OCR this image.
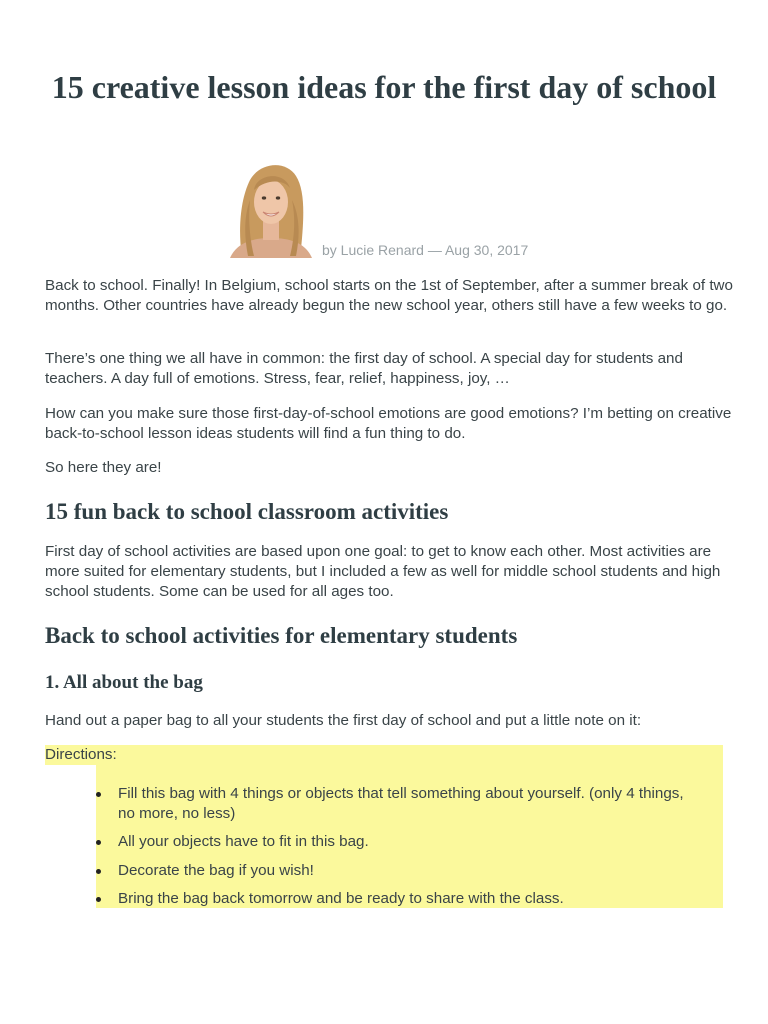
15 creative lesson ideas for the first day of school
by Lucie Renard — Aug 30, 2017

Back to school. Finally! In Belgium, school starts on the 1st of September, after a summer break of two months. Other countries have already begun the new school year, others still have a few weeks to go.

There’s one thing we all have in common: the first day of school. A special day for students and teachers. A day full of emotions. Stress, fear, relief, happiness, joy, …

How can you make sure those first-day-of-school emotions are good emotions? I’m betting on creative back-to-school lesson ideas students will find a fun thing to do.

So here they are!

15 fun back to school classroom activities

First day of school activities are based upon one goal: to get to know each other. Most activities are more suited for elementary students, but I included a few as well for middle school students and high school students. Some can be used for all ages too.

Back to school activities for elementary students
1. All about the bag

Hand out a paper bag to all your students the first day of school and put a little note on it:

Directions:
Fill this bag with 4 things or objects that tell something about yourself. (only 4 things, no more, no less)
All your objects have to fit in this bag.
Decorate the bag if you wish!
Bring the bag back tomorrow and be ready to share with the class.
